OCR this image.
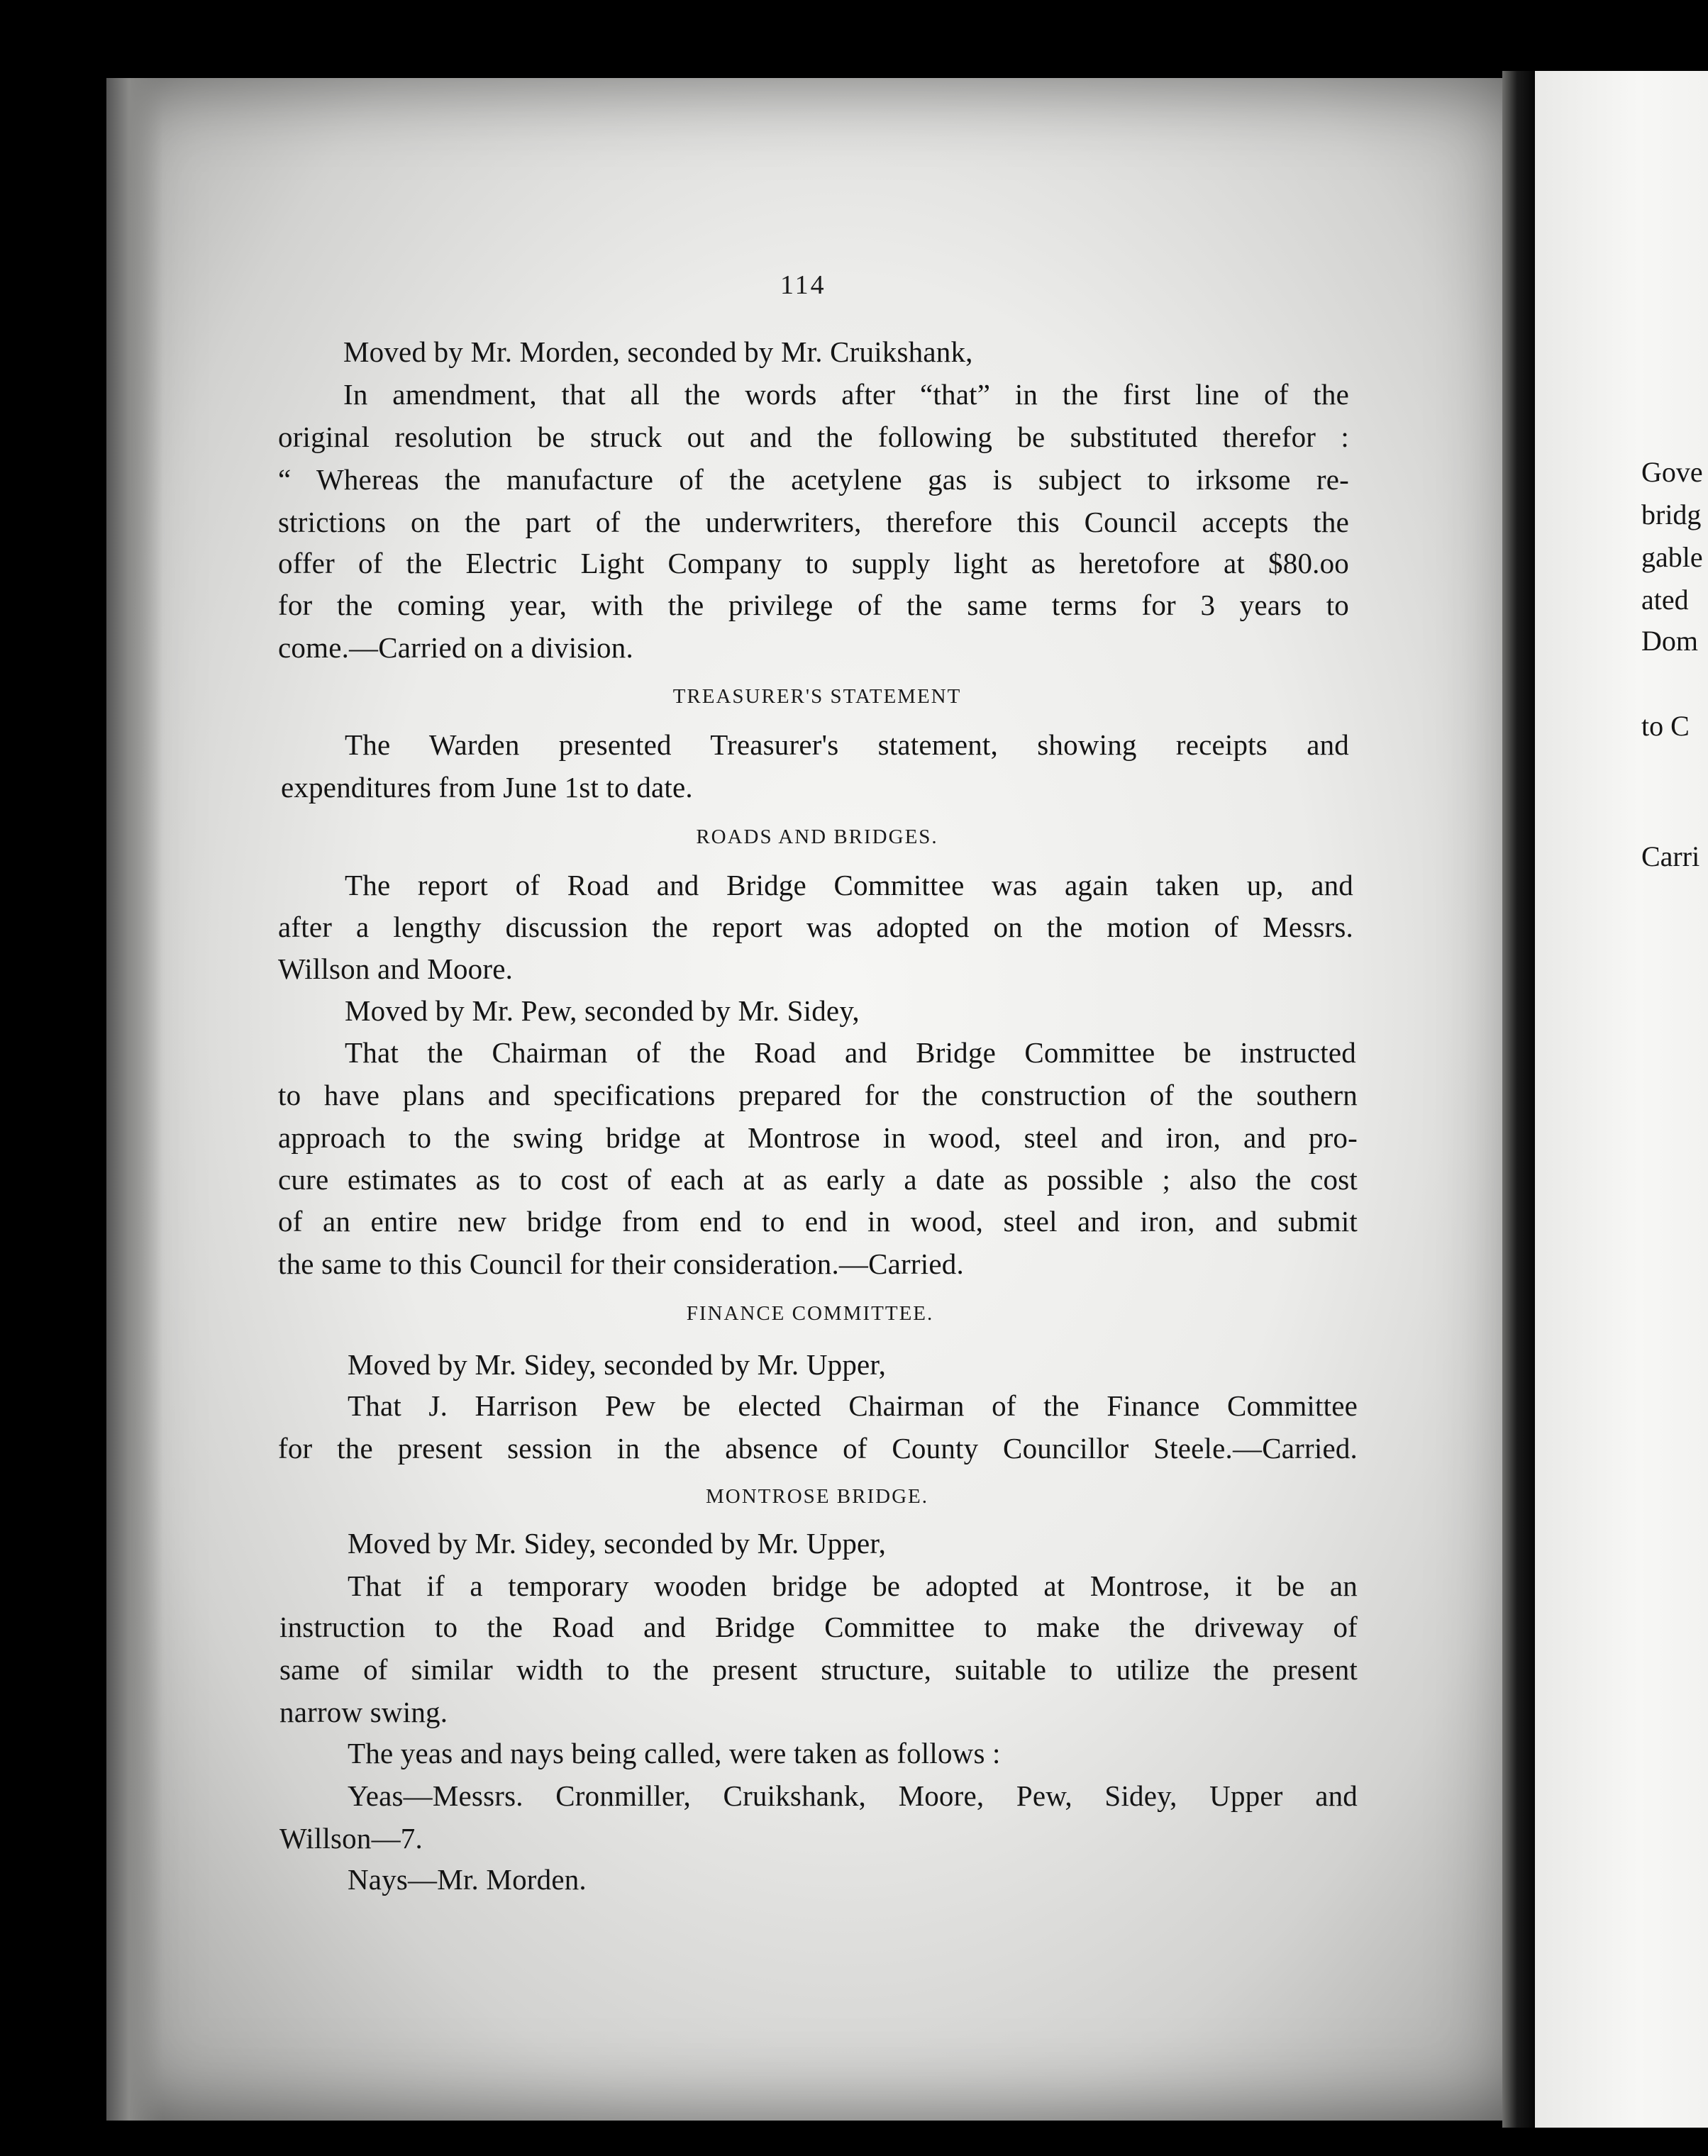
114
Moved by Mr. Morden, seconded by Mr. Cruikshank,
In amendment, that all the words after “that” in the first line of the
original resolution be struck out and the following be substituted therefor :
“ Whereas the manufacture of the acetylene gas is subject to irksome re-
strictions on the part of the underwriters, therefore this Council accepts the
offer of the Electric Light Company to supply light as heretofore at $80.oo
for the coming year, with the privilege of the same terms for 3 years to
come.—Carried on a division.
TREASURER'S STATEMENT
The Warden presented Treasurer's statement, showing receipts and
expenditures from June 1st to date.
ROADS AND BRIDGES.
The report of Road and Bridge Committee was again taken up, and
after a lengthy discussion the report was adopted on the motion of Messrs.
Willson and Moore.
Moved by Mr. Pew, seconded by Mr. Sidey,
That the Chairman of the Road and Bridge Committee be instructed
to have plans and specifications prepared for the construction of the southern
approach to the swing bridge at Montrose in wood, steel and iron, and pro-
cure estimates as to cost of each at as early a date as possible ; also the cost
of an entire new bridge from end to end in wood, steel and iron, and submit
the same to this Council for their consideration.—Carried.
FINANCE COMMITTEE.
Moved by Mr. Sidey, seconded by Mr. Upper,
That J. Harrison Pew be elected Chairman of the Finance Committee
for the present session in the absence of County Councillor Steele.—Carried.
MONTROSE BRIDGE.
Moved by Mr. Sidey, seconded by Mr. Upper,
That if a temporary wooden bridge be adopted at Montrose, it be an
instruction to the Road and Bridge Committee to make the driveway of
same of similar width to the present structure, suitable to utilize the present
narrow swing.
The yeas and nays being called, were taken as follows :
Yeas—Messrs. Cronmiller, Cruikshank, Moore, Pew, Sidey, Upper and
Willson—7.
Nays—Mr. Morden.
Gove
bridg
gable
ated
Dom
to C
Carri
